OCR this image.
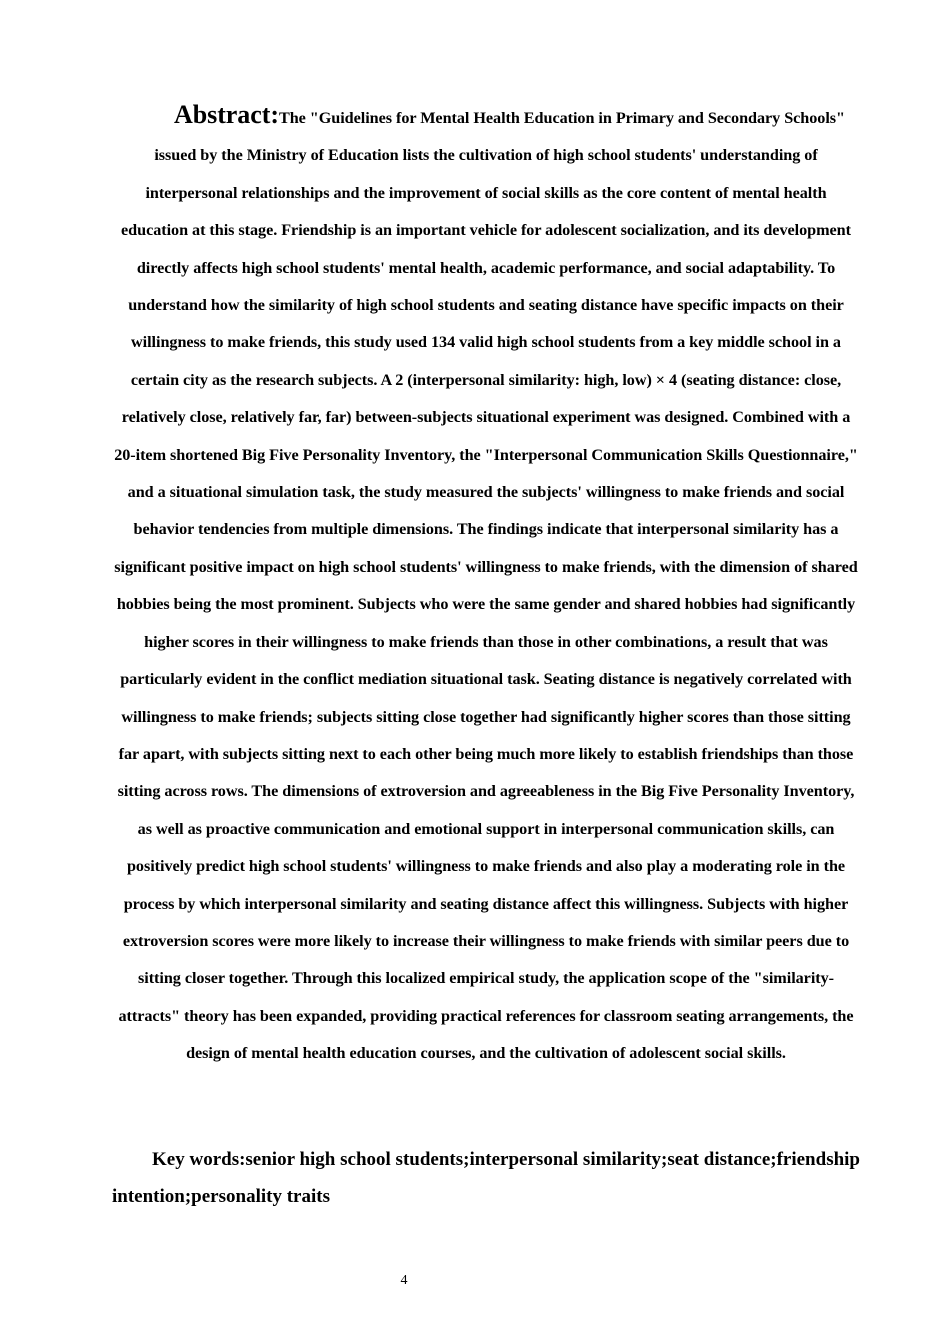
Abstract:The "Guidelines for Mental Health Education in Primary and Secondary Schools" issued by the Ministry of Education lists the cultivation of high school students' understanding of interpersonal relationships and the improvement of social skills as the core content of mental health education at this stage. Friendship is an important vehicle for adolescent socialization, and its development directly affects high school students' mental health, academic performance, and social adaptability. To understand how the similarity of high school students and seating distance have specific impacts on their willingness to make friends, this study used 134 valid high school students from a key middle school in a certain city as the research subjects. A 2 (interpersonal similarity: high, low) × 4 (seating distance: close, relatively close, relatively far, far) between-subjects situational experiment was designed. Combined with a 20-item shortened Big Five Personality Inventory, the "Interpersonal Communication Skills Questionnaire," and a situational simulation task, the study measured the subjects' willingness to make friends and social behavior tendencies from multiple dimensions. The findings indicate that interpersonal similarity has a significant positive impact on high school students' willingness to make friends, with the dimension of shared hobbies being the most prominent. Subjects who were the same gender and shared hobbies had significantly higher scores in their willingness to make friends than those in other combinations, a result that was particularly evident in the conflict mediation situational task. Seating distance is negatively correlated with willingness to make friends; subjects sitting close together had significantly higher scores than those sitting far apart, with subjects sitting next to each other being much more likely to establish friendships than those sitting across rows. The dimensions of extroversion and agreeableness in the Big Five Personality Inventory, as well as proactive communication and emotional support in interpersonal communication skills, can positively predict high school students' willingness to make friends and also play a moderating role in the process by which interpersonal similarity and seating distance affect this willingness. Subjects with higher extroversion scores were more likely to increase their willingness to make friends with similar peers due to sitting closer together. Through this localized empirical study, the application scope of the "similarity-attracts" theory has been expanded, providing practical references for classroom seating arrangements, the design of mental health education courses, and the cultivation of adolescent social skills.

Key words:senior high school students;interpersonal similarity;seat distance;friendship intention;personality traits

4
